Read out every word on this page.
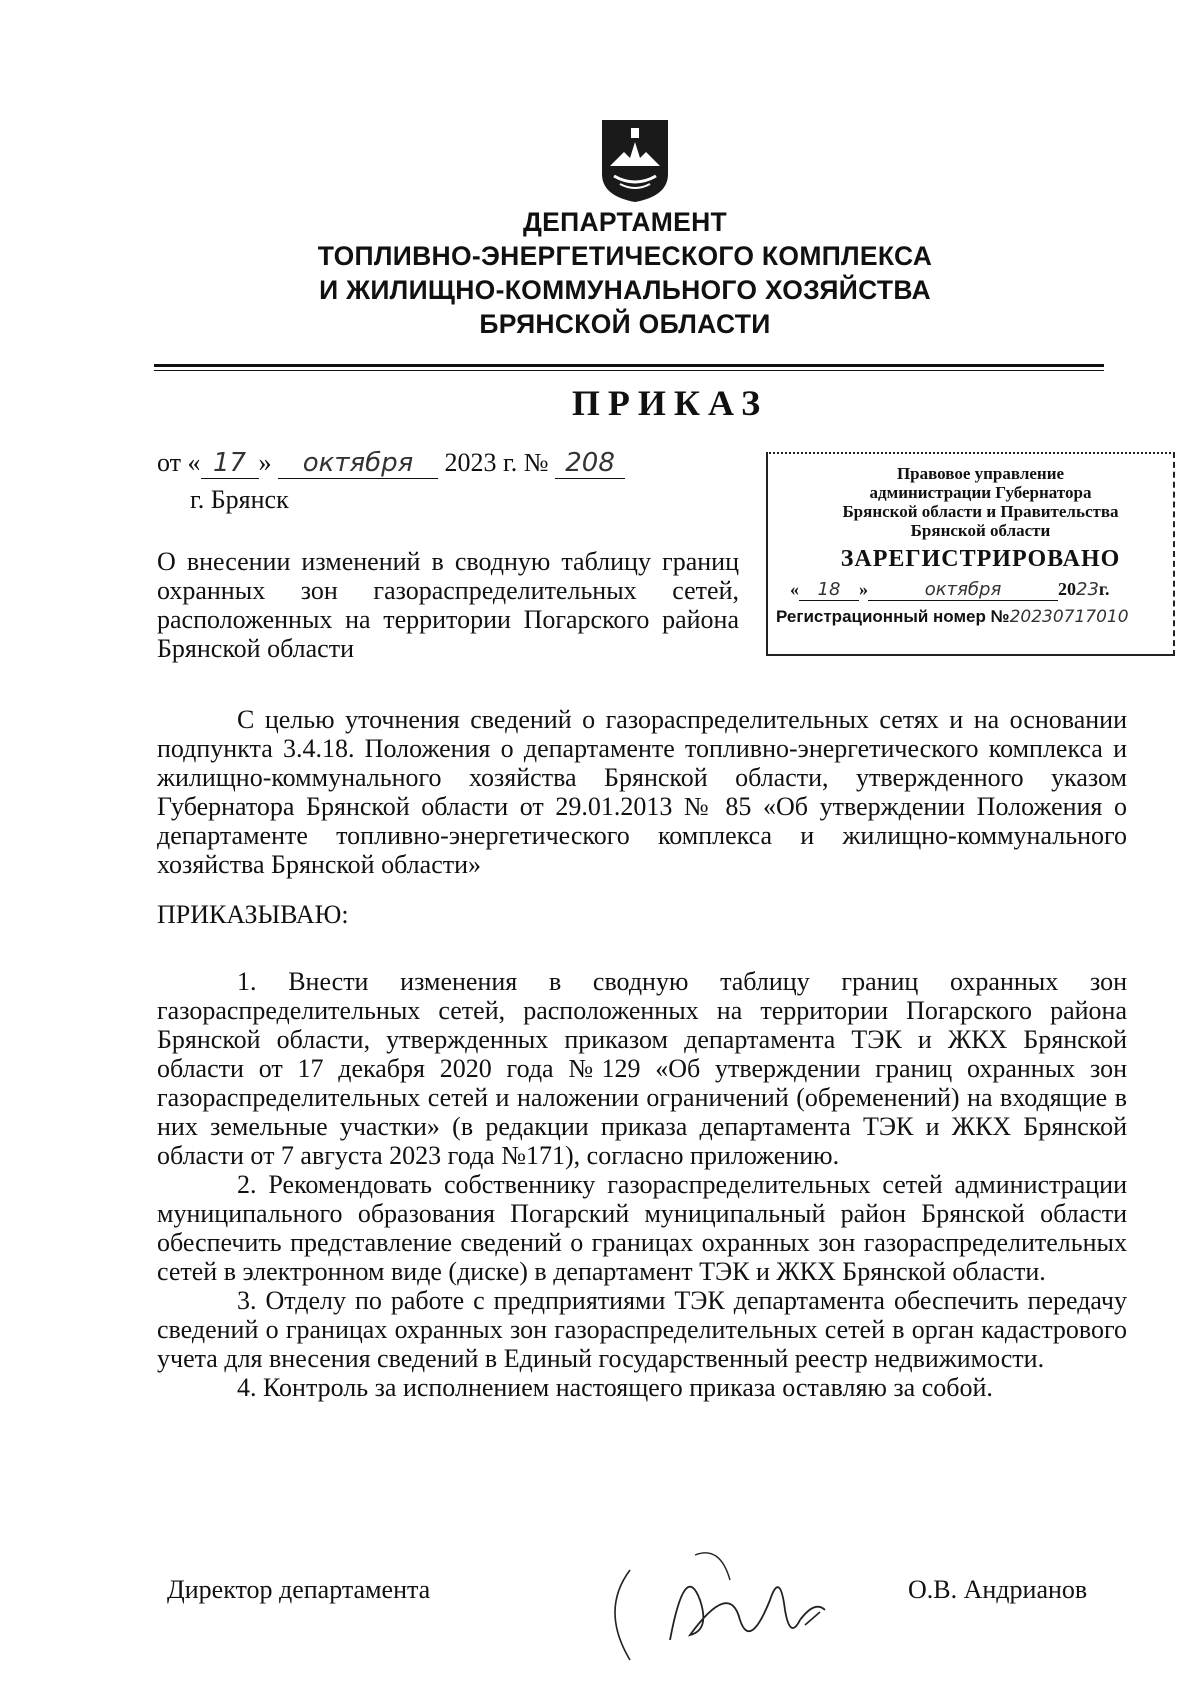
ДЕПАРТАМЕНТ
ТОПЛИВНО-ЭНЕРГЕТИЧЕСКОГО КОМПЛЕКСА
И ЖИЛИЩНО-КОММУНАЛЬНОГО ХОЗЯЙСТВА
БРЯНСКОЙ ОБЛАСТИ
ПРИКАЗ
от « 17 » октября 2023 г. № 208
г. Брянск
О внесении изменений в сводную таблицу границ охранных зон газораспределительных сетей, расположенных на территории Погарского района Брянской области
Правовое управление
администрации Губернатора
Брянской области и Правительства
Брянской области
ЗАРЕГИСТРИРОВАНО
« 18 »	октября	2023г.
Регистрационный номер №20230717010

С целью уточнения сведений о газораспределительных сетях и на основании подпункта 3.4.18. Положения о департаменте топливно-энергетического комплекса и жилищно-коммунального хозяйства Брянской области, утвержденного указом Губернатора Брянской области от 29.01.2013 № 85 «Об утверждении Положения о департаменте топливно-энергетического комплекса и жилищно-коммунального хозяйства Брянской области»

ПРИКАЗЫВАЮ:

1. Внести изменения в сводную таблицу границ охранных зон газораспределительных сетей, расположенных на территории Погарского района Брянской области, утвержденных приказом департамента ТЭК и ЖКХ Брянской области от 17 декабря 2020 года №129 «Об утверждении границ охранных зон газораспределительных сетей и наложении ограничений (обременений) на входящие в них земельные участки» (в редакции приказа департамента ТЭК и ЖКХ Брянской области от 7 августа 2023 года №171), согласно приложению.

2. Рекомендовать собственнику газораспределительных сетей администрации муниципального образования Погарский муниципальный район Брянской области обеспечить представление сведений о границах охранных зон газораспределительных сетей в электронном виде (диске) в департамент ТЭК и ЖКХ Брянской области.

3. Отделу по работе с предприятиями ТЭК департамента обеспечить передачу сведений о границах охранных зон газораспределительных сетей в орган кадастрового учета для внесения сведений в Единый государственный реестр недвижимости.

4. Контроль за исполнением настоящего приказа оставляю за собой.

Директор департамента	О.В. Андрианов
